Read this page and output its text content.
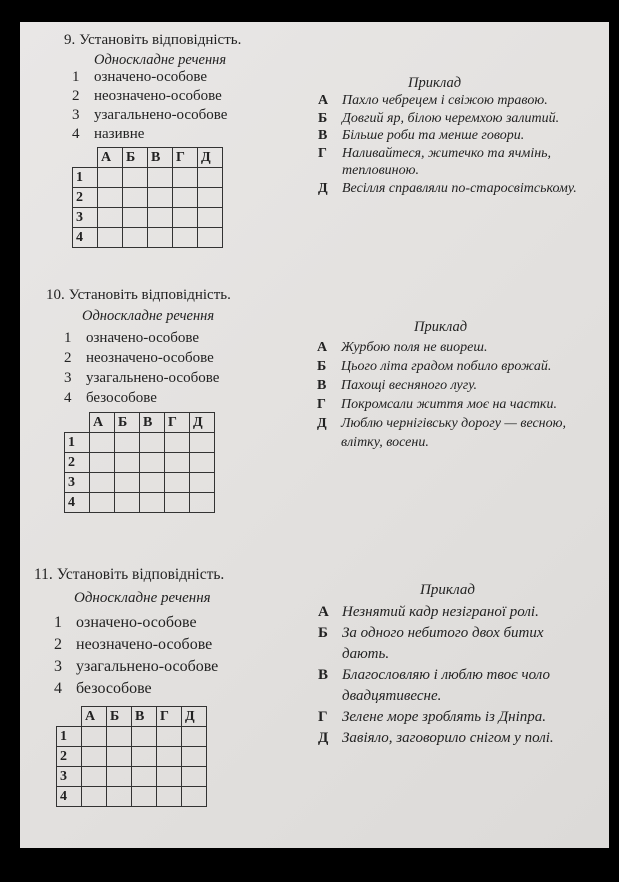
9. Установіть відповідність.
Односкладне речення
1 означено-особове
2 неозначено-особове
3 узагальнено-особове
4 називне
	А	Б	В	Г	Д
1					
2					
3					
4					
Приклад
А Пахло чебрецем і свіжою травою.
Б Довгий яр, білою черемхою залитий.
В Більше роби та менше говори.
Г Наливайтеся, житечко та ячмінь, тепловиною.
Д Весілля справляли по-старосвітському.
10. Установіть відповідність.
Односкладне речення
1 означено-особове
2 неозначено-особове
3 узагальнено-особове
4 безособове
	А	Б	В	Г	Д
1					
2					
3					
4					
Приклад
А Журбою поля не виореш.
Б Цього літа градом побило врожай.
В Пахощі весняного лугу.
Г Покромсали життя моє на частки.
Д Люблю чернігівську дорогу — весною, влітку, восени.
11. Установіть відповідність.
Односкладне речення
1 означено-особове
2 неозначено-особове
3 узагальнено-особове
4 безособове
	А	Б	В	Г	Д
1					
2					
3					
4					
Приклад
А Незнятий кадр незіграної ролі.
Б За одного небитого двох битих дають.
В Благословляю і люблю твоє чоло двадцятивесне.
Г Зелене море зроблять із Дніпра.
Д Завіяло, заговорило снігом у полі.
